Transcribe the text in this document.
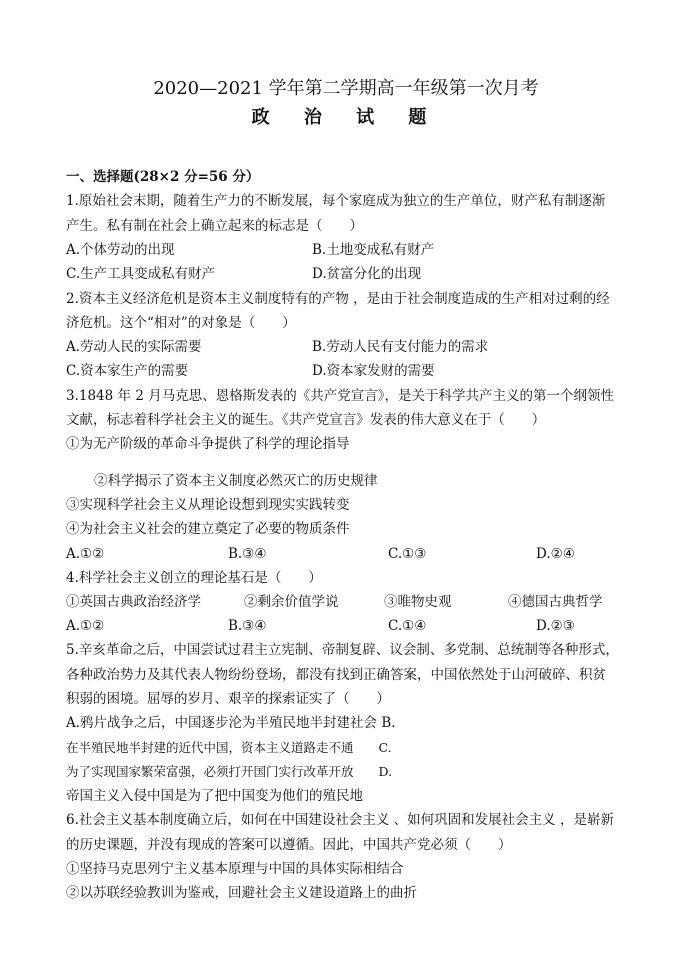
2020—2021 学年第二学期高一年级第一次月考
政 治 试 题
一、选择题(28×2 分=56 分）
1.原始社会末期，随着生产力的不断发展，每个家庭成为独立的生产单位，财产私有制逐渐
产生。私有制在社会上确立起来的标志是（　　）
A.个体劳动的出现	B.土地变成私有财产
C.生产工具变成私有财产	D.贫富分化的出现
2.资本主义经济危机是资本主义制度特有的产物 ，是由于社会制度造成的生产相对过剩的经
济危机。这个“相对”的对象是（　　）
A.劳动人民的实际需要	B.劳动人民有支付能力的需求
C.资本家生产的需要	D.资本家发财的需要
3.1848 年 2 月马克思、恩格斯发表的《共产党宣言》，是关于科学共产主义的第一个纲领性
文献，标志着科学社会主义的诞生。《共产党宣言》发表的伟大意义在于（　　）
①为无产阶级的革命斗争提供了科学的理论指导
②科学揭示了资本主义制度必然灭亡的历史规律
③实现科学社会主义从理论设想到现实实践转变
④为社会主义社会的建立奠定了必要的物质条件
A.①②	B.③④	C.①③	D.②④
4.科学社会主义创立的理论基石是（　　）
①英国古典政治经济学	②剩余价值学说	③唯物史观	④德国古典哲学
A.①②	B.③④	C.①④	D.②③
5.辛亥革命之后，中国尝试过君主立宪制、帝制复辟、议会制、多党制、总统制等各种形式，
各种政治势力及其代表人物纷纷登场，都没有找到正确答案，中国依然处于山河破碎、积贫
积弱的困境。屈辱的岁月、艰辛的探索证实了（　　）
A.鸦片战争之后，中国逐步沦为半殖民地半封建社会 B.
在半殖民地半封建的近代中国，资本主义道路走不通　　C.
为了实现国家繁荣富强，必须打开国门实行改革开放　　D.
帝国主义入侵中国是为了把中国变为他们的殖民地
6.社会主义基本制度确立后，如何在中国建设社会主义 、如何巩固和发展社会主义 ，是崭新
的历史课题，并没有现成的答案可以遵循。因此，中国共产党必须（　　）
①坚持马克思列宁主义基本原理与中国的具体实际相结合
②以苏联经验教训为鉴戒，回避社会主义建设道路上的曲折
